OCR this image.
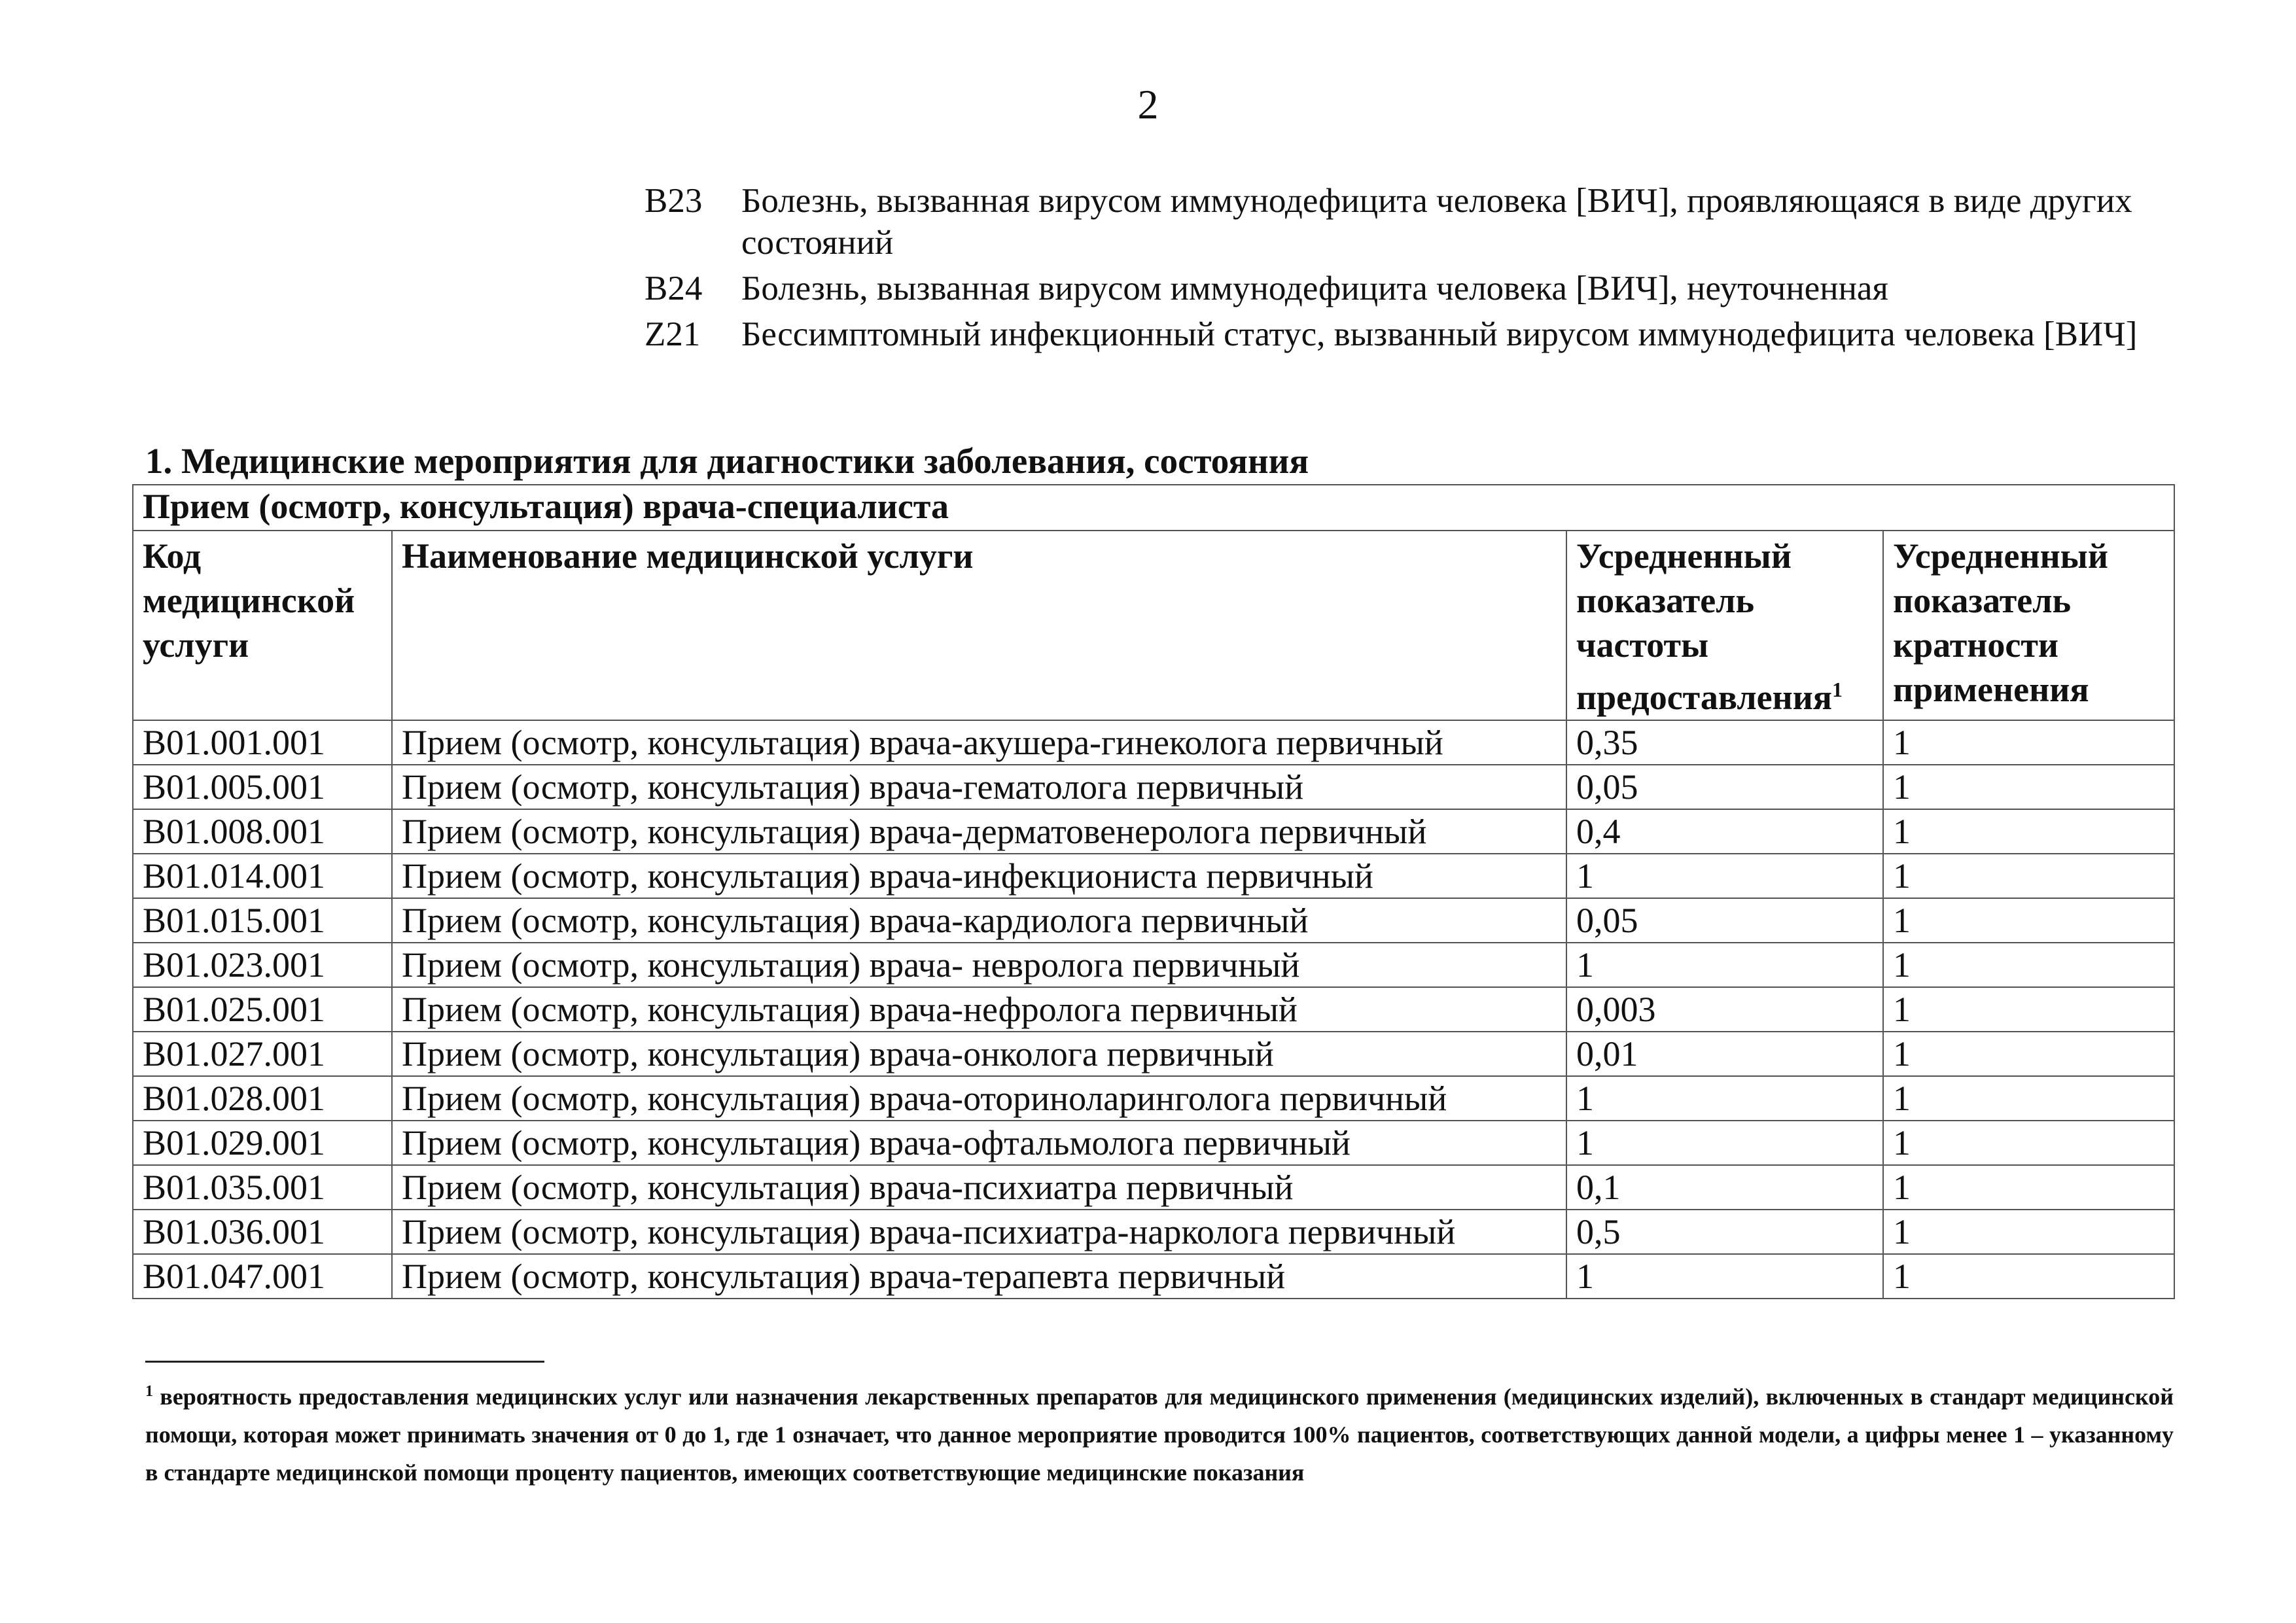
2
B23	Болезнь, вызванная вирусом иммунодефицита человека [ВИЧ], проявляющаяся в виде других состояний
B24	Болезнь, вызванная вирусом иммунодефицита человека [ВИЧ], неуточненная
Z21	Бессимптомный инфекционный статус, вызванный вирусом иммунодефицита человека [ВИЧ]
1. Медицинские мероприятия для диагностики заболевания, состояния
Прием (осмотр, консультация) врача-специалиста			
Код медицинской услуги	Наименование медицинской услуги	Усредненный показатель частоты предоставления$^1$	Усредненный показатель кратности применения
B01.001.001	Прием (осмотр, консультация) врача-акушера-гинеколога первичный	0,35	1
B01.005.001	Прием (осмотр, консультация) врача-гематолога первичный	0,05	1
B01.008.001	Прием (осмотр, консультация) врача-дерматовенеролога первичный	0,4	1
B01.014.001	Прием (осмотр, консультация) врача-инфекциониста первичный	1	1
B01.015.001	Прием (осмотр, консультация) врача-кардиолога первичный	0,05	1
B01.023.001	Прием (осмотр, консультация) врача- невролога первичный	1	1
B01.025.001	Прием (осмотр, консультация) врача-нефролога первичный	0,003	1
B01.027.001	Прием (осмотр, консультация) врача-онколога первичный	0,01	1
B01.028.001	Прием (осмотр, консультация) врача-оториноларинголога первичный	1	1
B01.029.001	Прием (осмотр, консультация) врача-офтальмолога первичный	1	1
B01.035.001	Прием (осмотр, консультация) врача-психиатра первичный	0,1	1
B01.036.001	Прием (осмотр, консультация) врача-психиатра-нарколога первичный	0,5	1
B01.047.001	Прием (осмотр, консультация) врача-терапевта первичный	1	1
$^1$ вероятность предоставления медицинских услуг или назначения лекарственных препаратов для медицинского применения (медицинских изделий), включенных в стандарт медицинской помощи, которая может принимать значения от 0 до 1, где 1 означает, что данное мероприятие проводится 100% пациентов, соответствующих данной модели, а цифры менее 1 – указанному в стандарте медицинской помощи проценту пациентов, имеющих соответствующие медицинские показания
